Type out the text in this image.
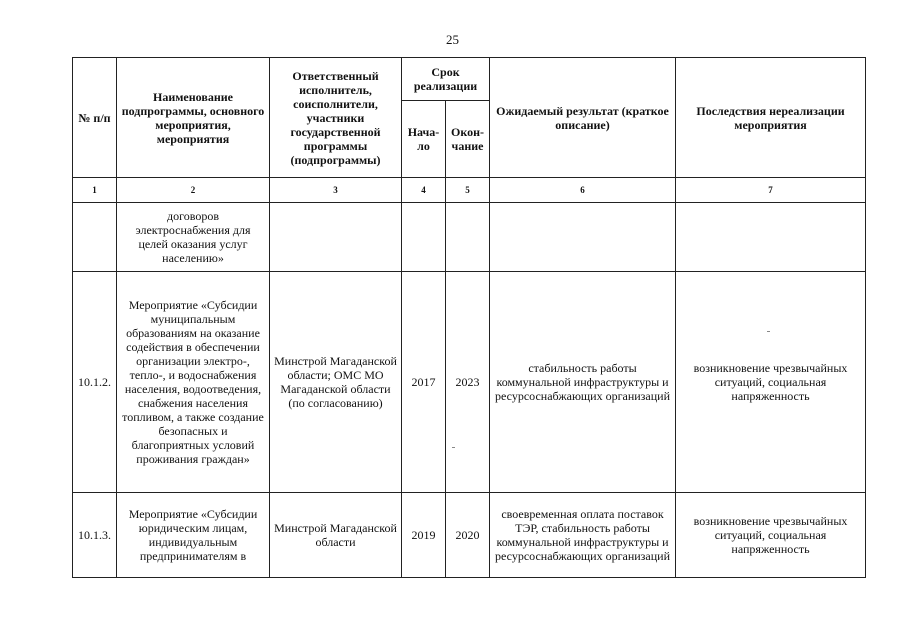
25
№ п/п	Наименование подпрограммы, основного мероприятия, мероприятия	Ответственный исполнитель, соисполнители, участники государственной программы (подпрограммы)	Срок реализации		Ожидаемый результат (краткое описание)	Последствия нереализации мероприятия
			Нача-ло	Окон-чание		
1	2	3	4	5	6	7
	договоров электроснабжения для целей оказания услуг населению»					
10.1.2.	Мероприятие «Субсидии муниципальным образованиям на оказание содействия в обеспечении организации электро-, тепло-, и водоснабжения населения, водоотведения, снабжения населения топливом, а также создание безопасных и благоприятных условий проживания граждан»	Минстрой Магаданской области; ОМС МО Магаданской области (по согласованию)	2017	2023	стабильность работы коммунальной инфраструктуры и ресурсоснабжающих организаций	возникновение чрезвычайных ситуаций, социальная напряженность
10.1.3.	Мероприятие «Субсидии юридическим лицам, индивидуальным предпринимателям в	Минстрой Магаданской области	2019	2020	своевременная оплата поставок ТЭР, стабильность работы коммунальной инфраструктуры и ресурсоснабжающих организаций	возникновение чрезвычайных ситуаций, социальная напряженность
